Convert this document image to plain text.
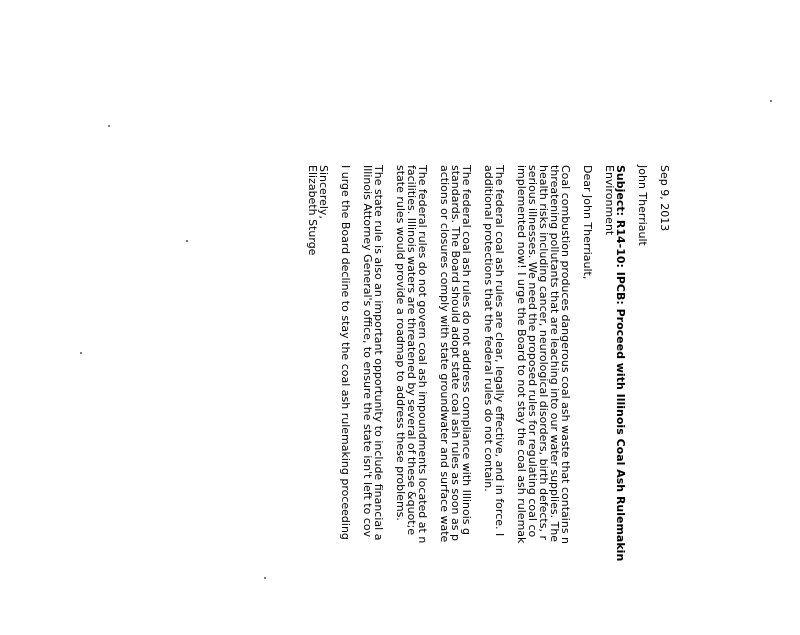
Sep 9, 2013
John Therriault
Subject: R14-10: IPCB: Proceed with Illinois Coal Ash Rulemakin
Environment
Dear John Therriault,
Coal combustion produces dangerous coal ash waste that contains n
threatening pollutants that are leaching into our water supplies. The
health risks including cancer, neurological disorders, birth defects, r
serious illnesses. We need the proposed rules for regulating coal co
implemented now! I urge the Board to not stay the coal ash rulemak
The federal coal ash rules are clear, legally effective, and in force. I
additional protections that the federal rules do not contain.
The federal coal ash rules do not address compliance with Illinois g
standards. The Board should adopt state coal ash rules as soon as p
actions or closures comply with state groundwater and surface wate
The federal rules do not govern coal ash impoundments located at n
facilities. Illinois waters are threatened by several of these &quot;e
state rules would provide a roadmap to address these problems.
The state rule is also an important opportunity to include financial a
Illinois Attorney General's office, to ensure the state isn't left to cov
I urge the Board decline to stay the coal ash rulemaking proceeding
Sincerely,
Elizabeth Sturge
